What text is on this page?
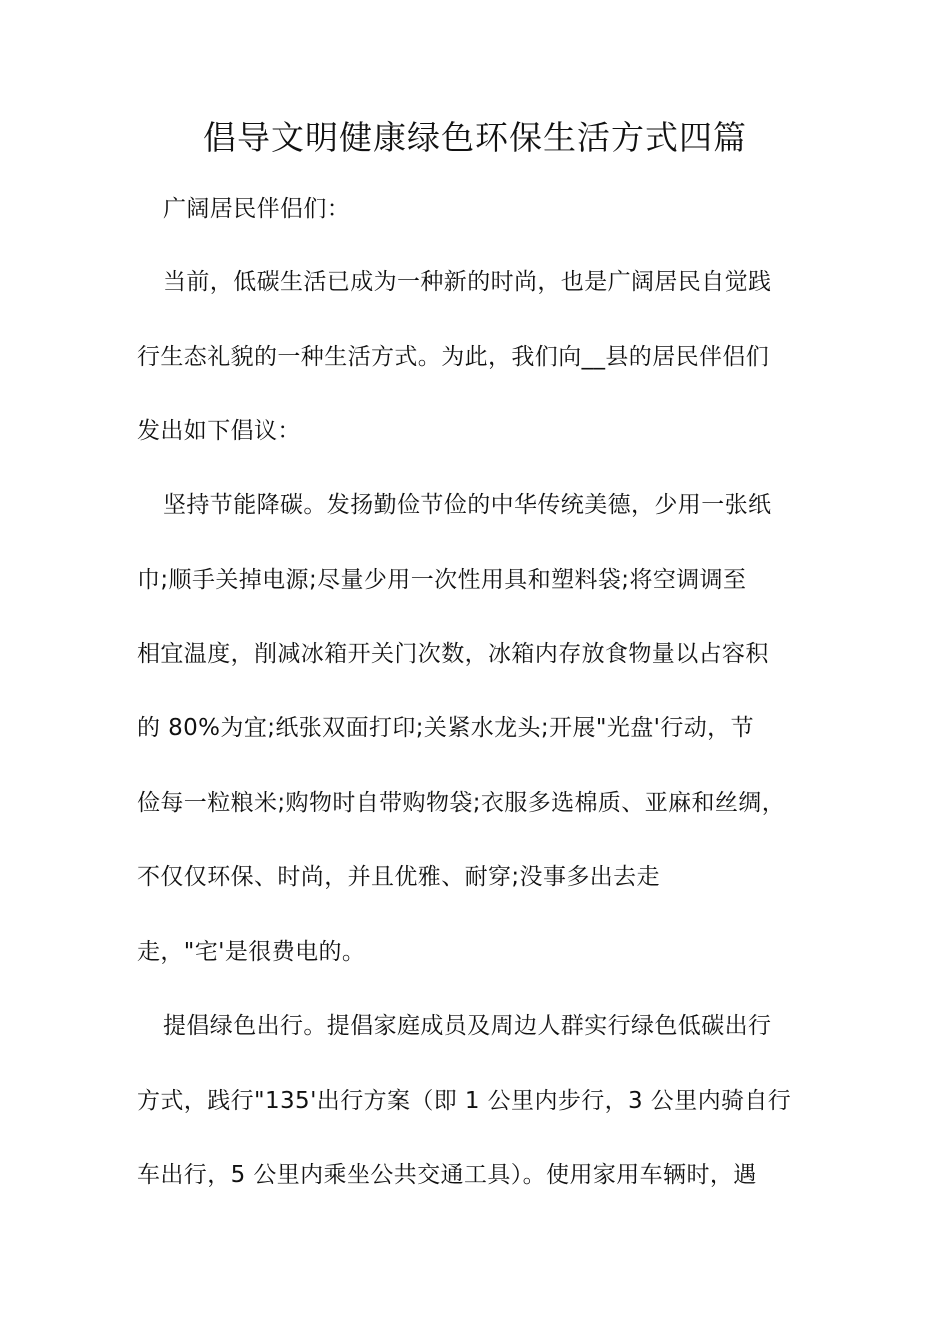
倡导文明健康绿色环保生活方式四篇
广阔居民伴侣们：
当前，低碳生活已成为一种新的时尚，也是广阔居民自觉践
行生态礼貌的一种生活方式。为此，我们向__县的居民伴侣们
发出如下倡议：
坚持节能降碳。发扬勤俭节俭的中华传统美德，少用一张纸
巾;顺手关掉电源;尽量少用一次性用具和塑料袋;将空调调至
相宜温度，削减冰箱开关门次数，冰箱内存放食物量以占容积
的 80%为宜;纸张双面打印;关紧水龙头;开展"光盘'行动，节
俭每一粒粮米;购物时自带购物袋;衣服多选棉质、亚麻和丝绸，
不仅仅环保、时尚，并且优雅、耐穿;没事多出去走
走，"宅'是很费电的。
提倡绿色出行。提倡家庭成员及周边人群实行绿色低碳出行
方式，践行"135'出行方案（即 1 公里内步行，3 公里内骑自行
车出行，5 公里内乘坐公共交通工具）。使用家用车辆时，遇
